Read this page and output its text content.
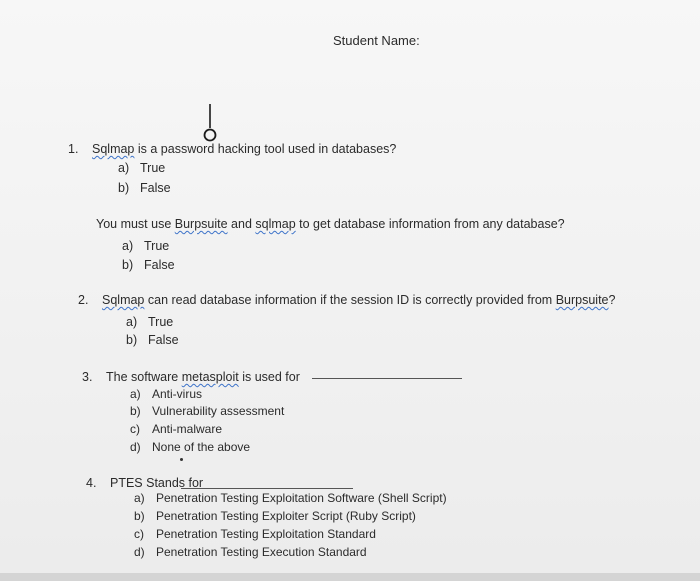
Student Name:
1. Sqlmap is a password hacking tool used in databases?
a) True
b) False
You must use Burpsuite and sqlmap to get database information from any database?
a) True
b) False
2. Sqlmap can read database information if the session ID is correctly provided from Burpsuite?
a) True
b) False
3. The software metasploit is used for
a) Anti-virus
b) Vulnerability assessment
c) Anti-malware
d) None of the above
4. PTES Stands for
a) Penetration Testing Exploitation Software (Shell Script)
b) Penetration Testing Exploiter Script (Ruby Script)
c) Penetration Testing Exploitation Standard
d) Penetration Testing Execution Standard
